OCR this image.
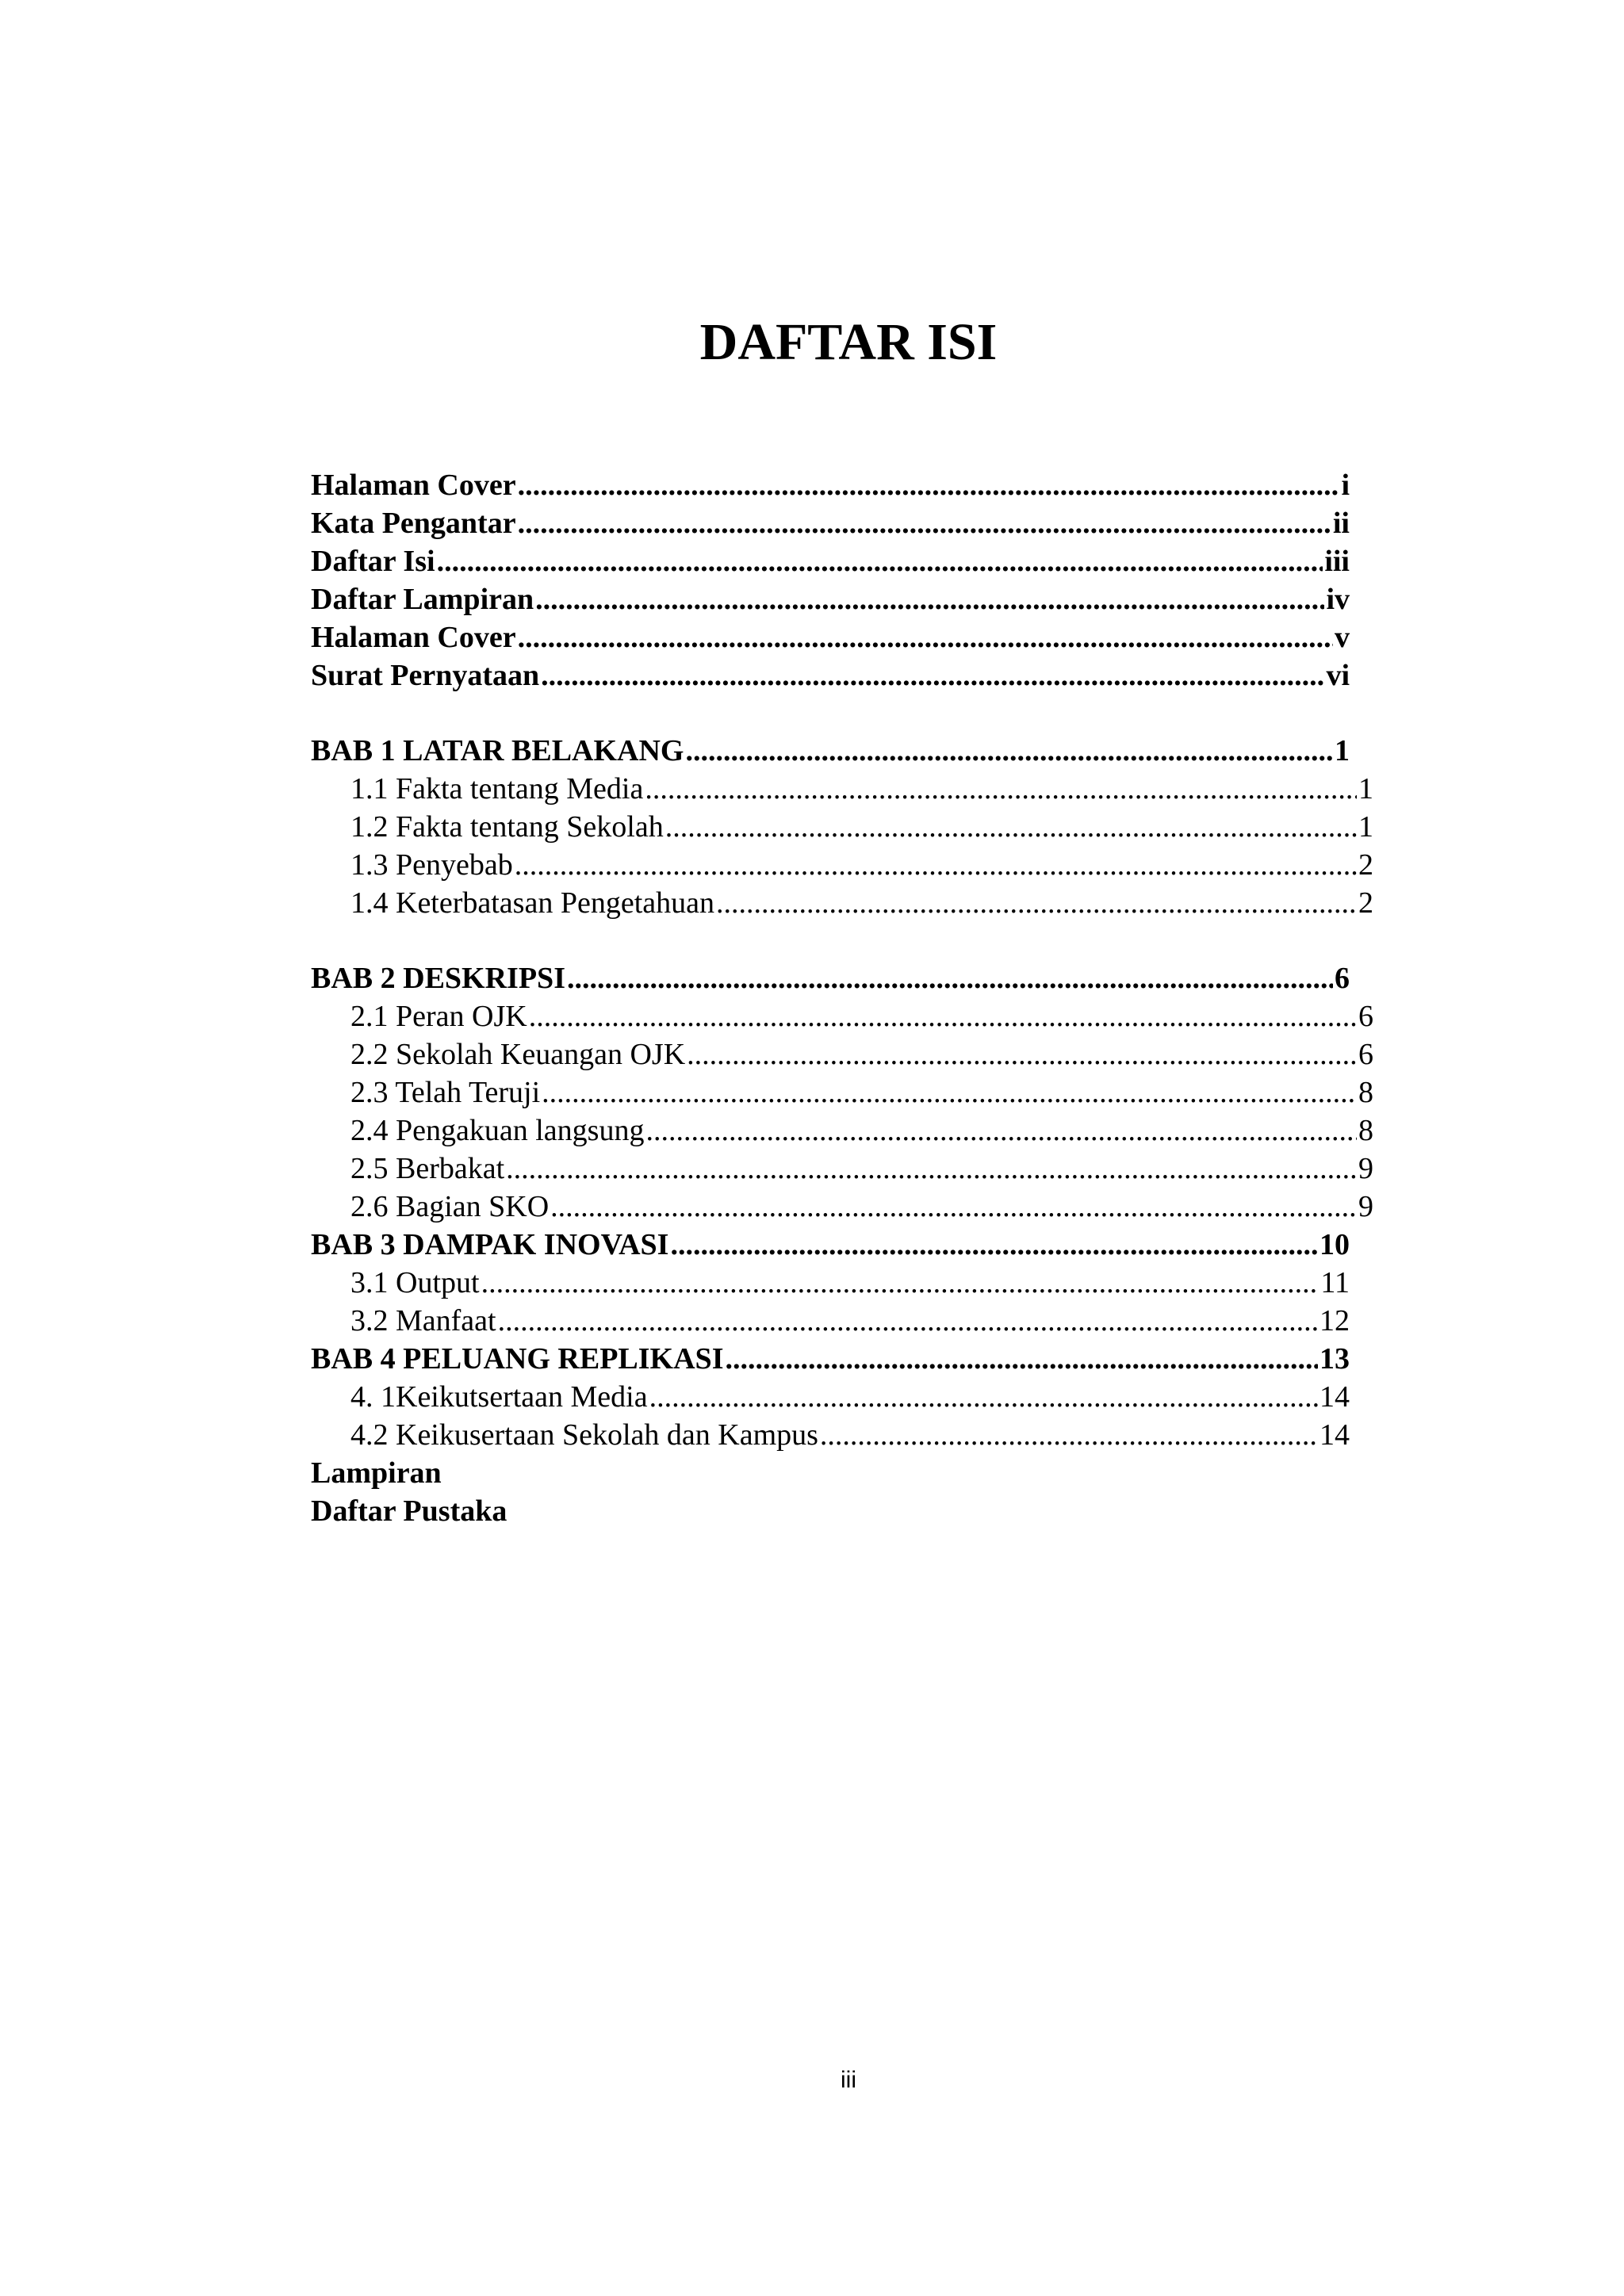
DAFTAR ISI
Halaman Cover .....	i
Kata Pengantar .....	ii
Daftar Isi .....	iii
Daftar Lampiran .....	iv
Halaman Cover .....	v
Surat Pernyataan .....	vi
BAB 1 LATAR BELAKANG .....	1
1.1 Fakta tentang Media .....	1
1.2 Fakta tentang Sekolah .....	1
1.3 Penyebab .....	2
1.4 Keterbatasan Pengetahuan .....	2
BAB 2 DESKRIPSI .....	6
2.1 Peran OJK .....	6
2.2 Sekolah Keuangan OJK .....	6
2.3 Telah Teruji .....	8
2.4 Pengakuan langsung .....	8
2.5 Berbakat .....	9
2.6 Bagian SKO .....	9
BAB 3 DAMPAK INOVASI .....	10
3.1 Output .....	11
3.2 Manfaat .....	12
BAB 4 PELUANG REPLIKASI .....	13
4. 1Keikutsertaan Media .....	14
4.2 Keikusertaan Sekolah dan Kampus .....	14
Lampiran
Daftar Pustaka
iii
